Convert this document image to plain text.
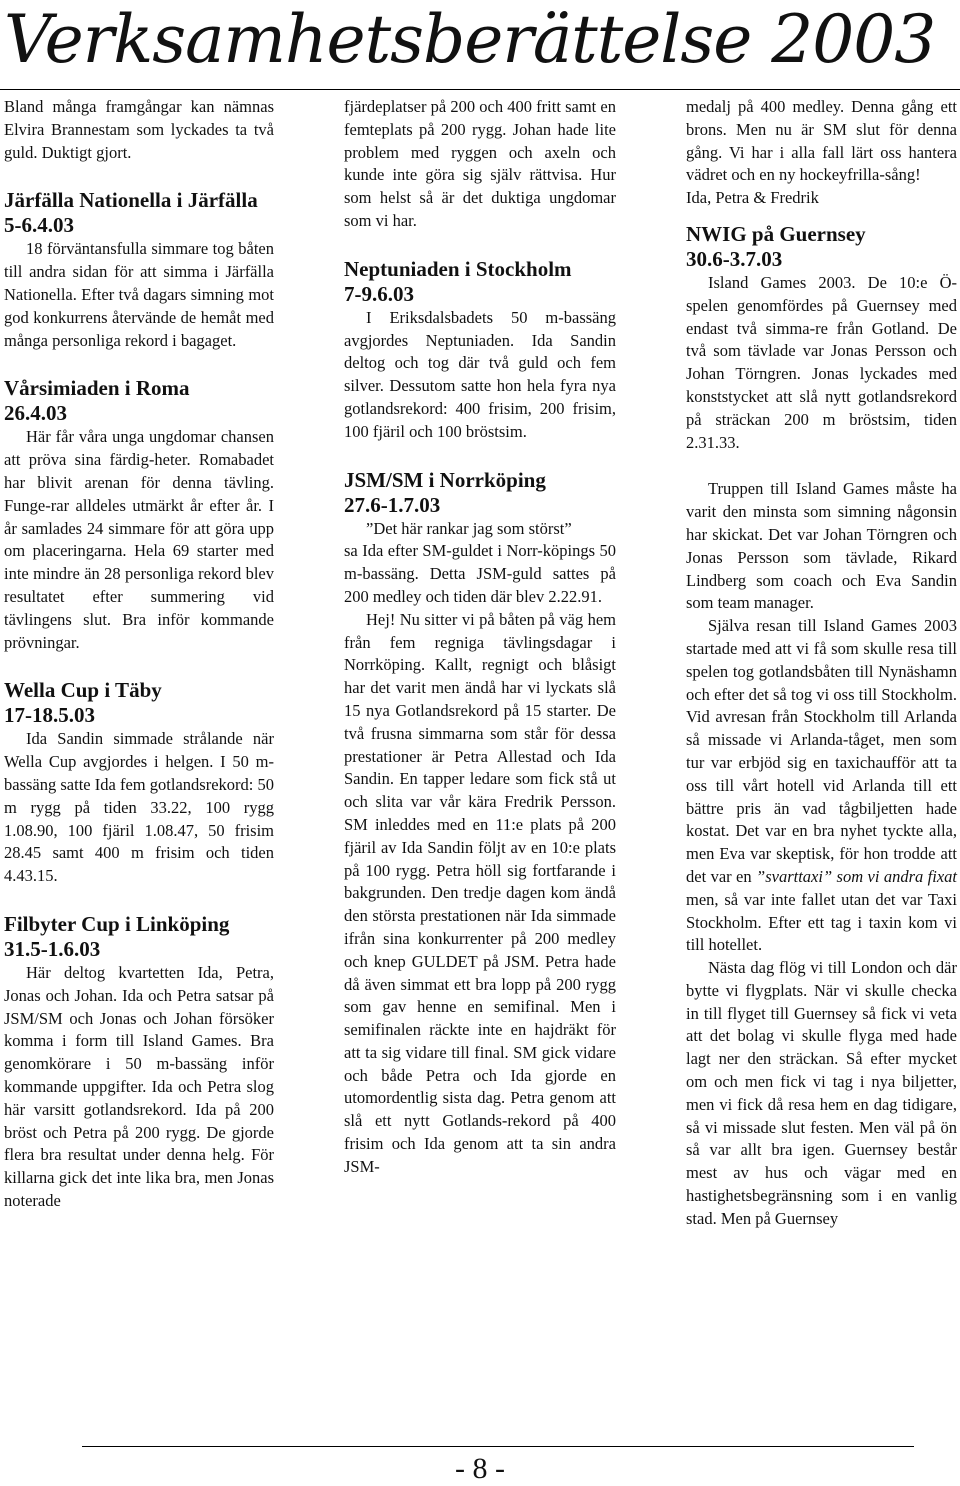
Verksamhetsberättelse 2003

Bland många framgångar kan nämnas Elvira Brannestam som lyckades ta två guld. Duktigt gjort.

Järfälla Nationella i Järfälla 5-6.4.03

18 förväntansfulla simmare tog båten till andra sidan för att simma i Järfälla Nationella. Efter två dagars simning mot god konkurrens återvände de hemåt med många personliga rekord i bagaget.

Vårsimiaden i Roma
26.4.03

Här får våra unga ungdomar chansen att pröva sina färdig-heter. Romabadet har blivit arenan för denna tävling. Funge-rar alldeles utmärkt år efter år. I år samlades 24 simmare för att göra upp om placeringarna. Hela 69 starter med inte mindre än 28 personliga rekord blev resultatet efter summering vid tävlingens slut. Bra inför kommande prövningar.

Wella Cup i Täby
17-18.5.03

Ida Sandin simmade strålande när Wella Cup avgjordes i helgen. I 50 m-bassäng satte Ida fem gotlandsrekord: 50 m rygg på tiden 33.22, 100 rygg 1.08.90, 100 fjäril 1.08.47, 50 frisim 28.45 samt 400 m frisim och tiden 4.43.15.

Filbyter Cup i Linköping
31.5-1.6.03

Här deltog kvartetten Ida, Petra, Jonas och Johan. Ida och Petra satsar på JSM/SM och Jonas och Johan försöker komma i form till Island Games. Bra genomkörare i 50 m-bassäng inför kommande uppgifter. Ida och Petra slog här varsitt gotlandsrekord. Ida på 200 bröst och Petra på 200 rygg. De gjorde flera bra resultat under denna helg. För killarna gick det inte lika bra, men Jonas noterade

fjärdeplatser på 200 och 400 fritt samt en femteplats på 200 rygg. Johan hade lite problem med ryggen och axeln och kunde inte göra sig själv rättvisa. Hur som helst så är det duktiga ungdomar som vi har.

Neptuniaden i Stockholm
7-9.6.03

I Eriksdalsbadets 50 m-bassäng avgjordes Neptuniaden. Ida Sandin deltog och tog där två guld och fem silver. Dessutom satte hon hela fyra nya gotlandsrekord: 400 frisim, 200 frisim, 100 fjäril och 100 bröstsim.

JSM/SM i Norrköping
27.6-1.7.03

”Det här rankar jag som störst”

sa Ida efter SM-guldet i Norr-köpings 50 m-bassäng. Detta JSM-guld sattes på 200 medley och tiden där blev 2.22.91.

Hej! Nu sitter vi på båten på väg hem från fem regniga tävlingsdagar i Norrköping. Kallt, regnigt och blåsigt har det varit men ändå har vi lyckats slå 15 nya Gotlandsrekord på 15 starter. De två frusna simmarna som står för dessa prestationer är Petra Allestad och Ida Sandin. En tapper ledare som fick stå ut och slita var vår kära Fredrik Persson. SM inleddes med en 11:e plats på 200 fjäril av Ida Sandin följt av en 10:e plats på 100 rygg. Petra höll sig fortfarande i bakgrunden. Den tredje dagen kom ändå den största prestationen när Ida simmade ifrån sina konkurrenter på 200 medley och knep GULDET på JSM. Petra hade då även simmat ett bra lopp på 200 rygg som gav henne en semifinal. Men i semifinalen räckte inte en hajdräkt för att ta sig vidare till final. SM gick vidare och både Petra och Ida gjorde en utomordentlig sista dag. Petra genom att slå ett nytt Gotlands-rekord på 400 frisim och Ida genom att ta sin andra JSM-

medalj på 400 medley. Denna gång ett brons. Men nu är SM slut för denna gång. Vi har i alla fall lärt oss hantera vädret och en ny hockeyfrilla-sång!

Ida, Petra & Fredrik

NWIG på Guernsey
30.6-3.7.03

Island Games 2003. De 10:e Ö-spelen genomfördes på Guernsey med endast två simma-re från Gotland. De två som tävlade var Jonas Persson och Johan Törngren. Jonas lyckades med konststycket att slå nytt gotlandsrekord på sträckan 200 m bröstsim, tiden 2.31.33.

Truppen till Island Games måste ha varit den minsta som simning någonsin har skickat. Det var Johan Törngren och Jonas Persson som tävlade, Rikard Lindberg som coach och Eva Sandin som team manager.

Själva resan till Island Games 2003 startade med att vi få som skulle resa till spelen tog gotlandsbåten till Nynäshamn och efter det så tog vi oss till Stockholm. Vid avresan från Stockholm till Arlanda så missade vi Arlanda-tåget, men som tur var erbjöd sig en taxichaufför att ta oss till vårt hotell vid Arlanda till ett bättre pris än vad tågbiljetten hade kostat. Det var en bra nyhet tyckte alla, men Eva var skeptisk, för hon trodde att det var en ”svarttaxi” som vi andra fixat men, så var inte fallet utan det var Taxi Stockholm. Efter ett tag i taxin kom vi till hotellet.

Nästa dag flög vi till London och där bytte vi flygplats. När vi skulle checka in till flyget till Guernsey så fick vi veta att det bolag vi skulle flyga med hade lagt ner den sträckan. Så efter mycket om och men fick vi tag i nya biljetter, men vi fick då resa hem en dag tidigare, så vi missade slut festen. Men väl på ön så var allt bra igen. Guernsey består mest av hus och vägar med en hastighetsbegränsning som i en vanlig stad. Men på Guernsey

- 8 -
